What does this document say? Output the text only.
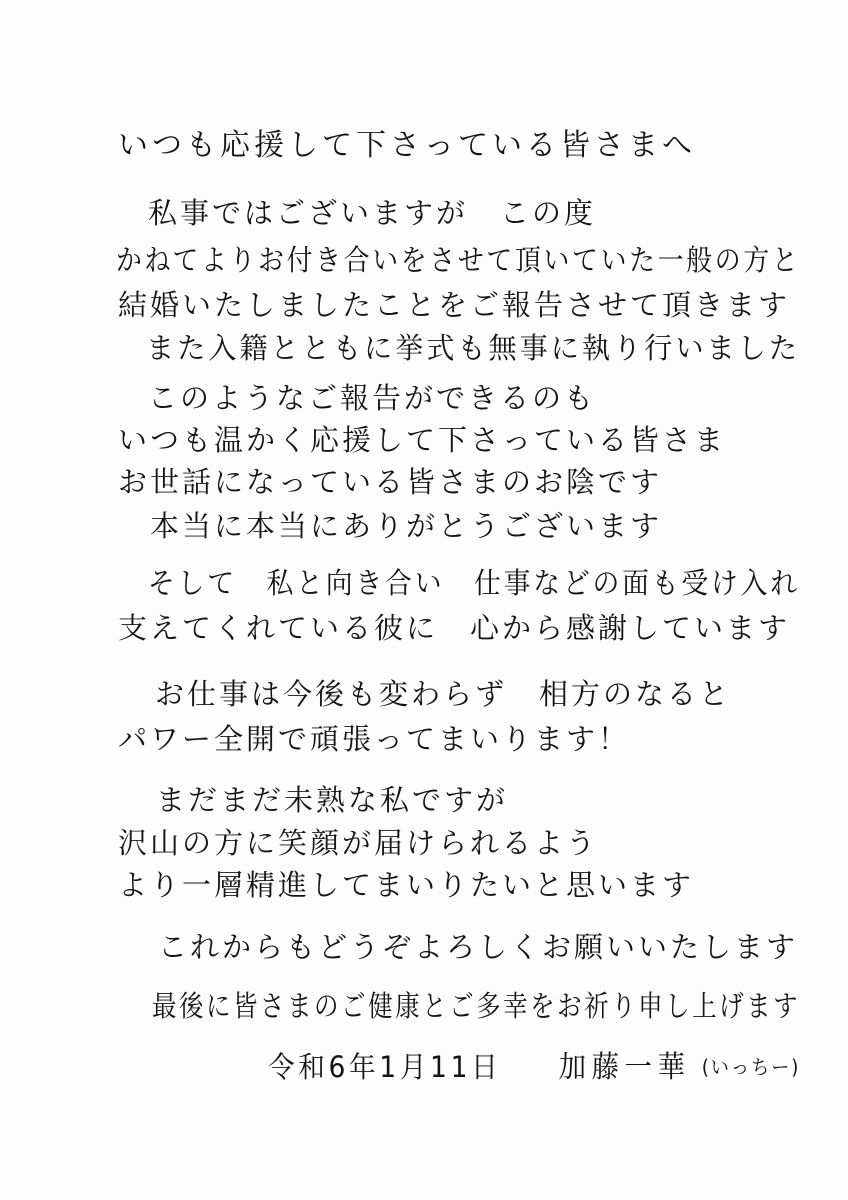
いつも応援して下さっている皆さまへ
私事ではございますが　この度
かねてよりお付き合いをさせて頂いていた一般の方と
結婚いたしましたことをご報告させて頂きます
また入籍とともに挙式も無事に執り行いました
このようなご報告ができるのも
いつも温かく応援して下さっている皆さま
お世話になっている皆さまのお陰です
本当に本当にありがとうございます
そして　私と向き合い　仕事などの面も受け入れ
支えてくれている彼に　心から感謝しています
お仕事は今後も変わらず　相方のなると
パワー全開で頑張ってまいります！
まだまだ未熟な私ですが
沢山の方に笑顔が届けられるよう
より一層精進してまいりたいと思います
これからもどうぞよろしくお願いいたします
最後に皆さまのご健康とご多幸をお祈り申し上げます
令和6年1月11日 加藤一華 (いっちー)
